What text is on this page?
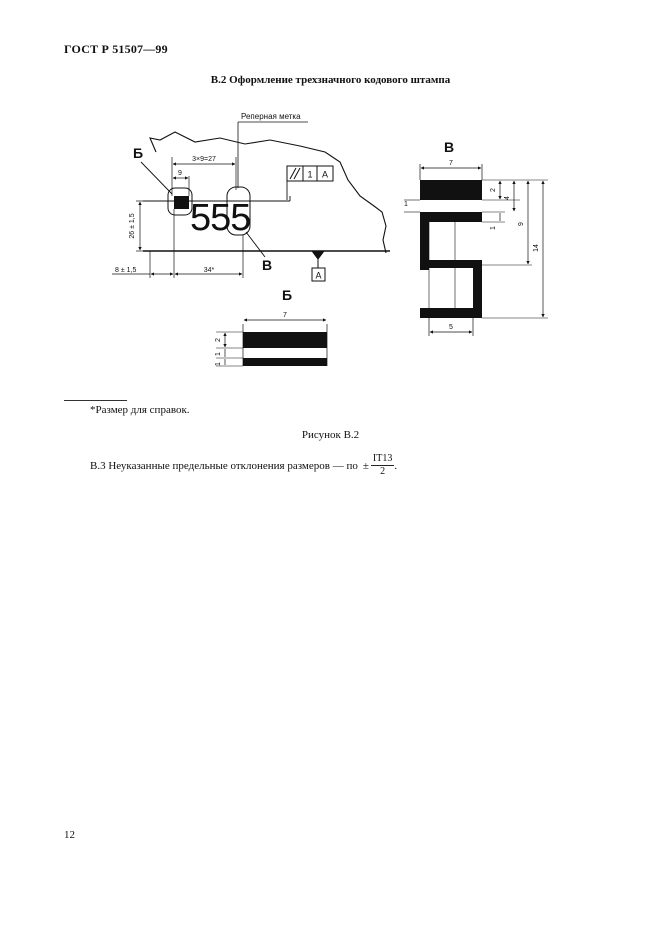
ГОСТ Р 51507—99
В.2 Оформление трехзначного кодового штампа
А
555
Б
В
Реперная метка
1 A
9
3×9=27
26 ± 1,5
8 ± 1,5	34*
Б
7
2
1
1
В
7
1
2
4
1
9
14
5
*Размер для справок.
Рисунок В.2
В.3 Неуказанные предельные отклонения размеров — по ± $\frac{IT13}{2}$ .
12
